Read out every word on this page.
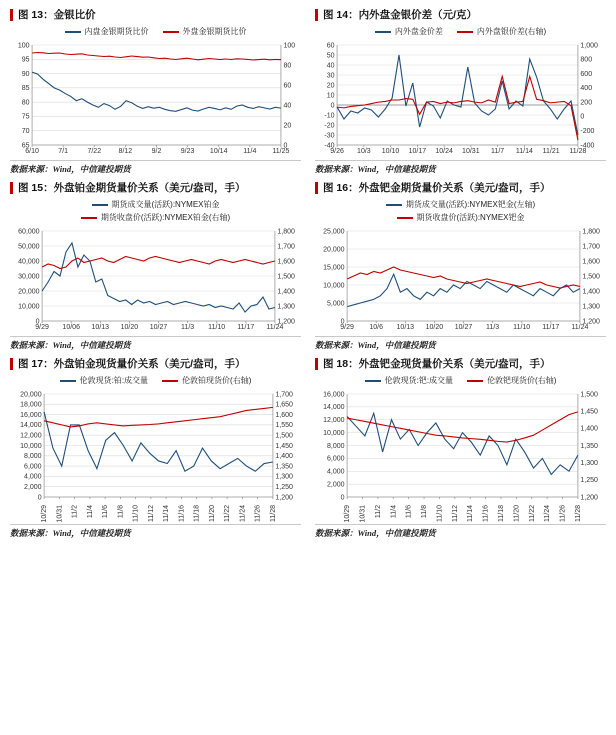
图 13：金银比价
内盘金银期货比价	外盘金银期货比价
65
70
75
80
85
90
95
100
0
20
40
60
80
100
6/10	7/1	7/22 8/12	9/2	9/23 10/14 11/4 11/25
数据来源：Wind，中信建投期货
图 14：内外盘金银价差（元/克）
内外盘金价差	内外盘银价差(右轴)
-40
-30
-20
-10
0
10
20
30
40
50
60
-400
-200
0
200
400
600
800
1,000
9/26 10/3 10/10 10/17 10/24 10/31 11/7 11/14 11/21 11/28
数据来源：Wind，中信建投期货
图 15：外盘铂金期货量价关系（美元/盎司，手）
期货成交量(活跃):NYMEX铂金
期货收盘价(活跃):NYMEX铂金(右轴)
0
10,000
20,000
30,000
40,000
50,000
60,000
1,200
1,300
1,400
1,500
1,600
1,700
1,800
9/29 10/06 10/13 10/20 10/27 11/3 11/10 11/17 11/24
数据来源：Wind，中信建投期货
图 16：外盘钯金期货量价关系（美元/盎司，手）
期货成交量(活跃):NYMEX钯金(左轴)
期货收盘价(活跃):NYMEX钯金
0
5,000
10,000
15,000
20,000
25,000
1,200
1,300
1,400
1,500
1,600
1,700
1,800
9/29 10/6 10/13 10/20 10/27 11/3 11/10 11/17 11/24
数据来源：Wind，中信建投期货
图 17：外盘铂金现货量价关系（美元/盎司，手）
伦敦现货:铂:成交量	伦敦铂现货价(右轴)
0
2,000
4,000
6,000
8,000
10,000
12,000
14,000
16,000
18,000
20,000
1,200
1,250
1,300
1,350
1,400
1,450
1,500
1,550
1,600
1,650
1,700
10/29 10/31 11/2 11/4 11/6 11/8 11/10 11/12 11/14 11/16 11/18 11/20 11/22 11/24 11/26 11/28
数据来源：Wind，中信建投期货
图 18：外盘钯金现货量价关系（美元/盎司，手）
伦敦现货:钯:成交量	伦敦钯现货价(右轴)
0
2,000
4,000
6,000
8,000
10,000
12,000
14,000
16,000
1,200
1,250
1,300
1,350
1,400
1,450
1,500
10/29 10/31 11/2 11/4 11/6 11/8 11/10 11/12 11/14 11/16 11/18 11/20 11/22 11/24 11/26 11/28
数据来源：Wind，中信建投期货
